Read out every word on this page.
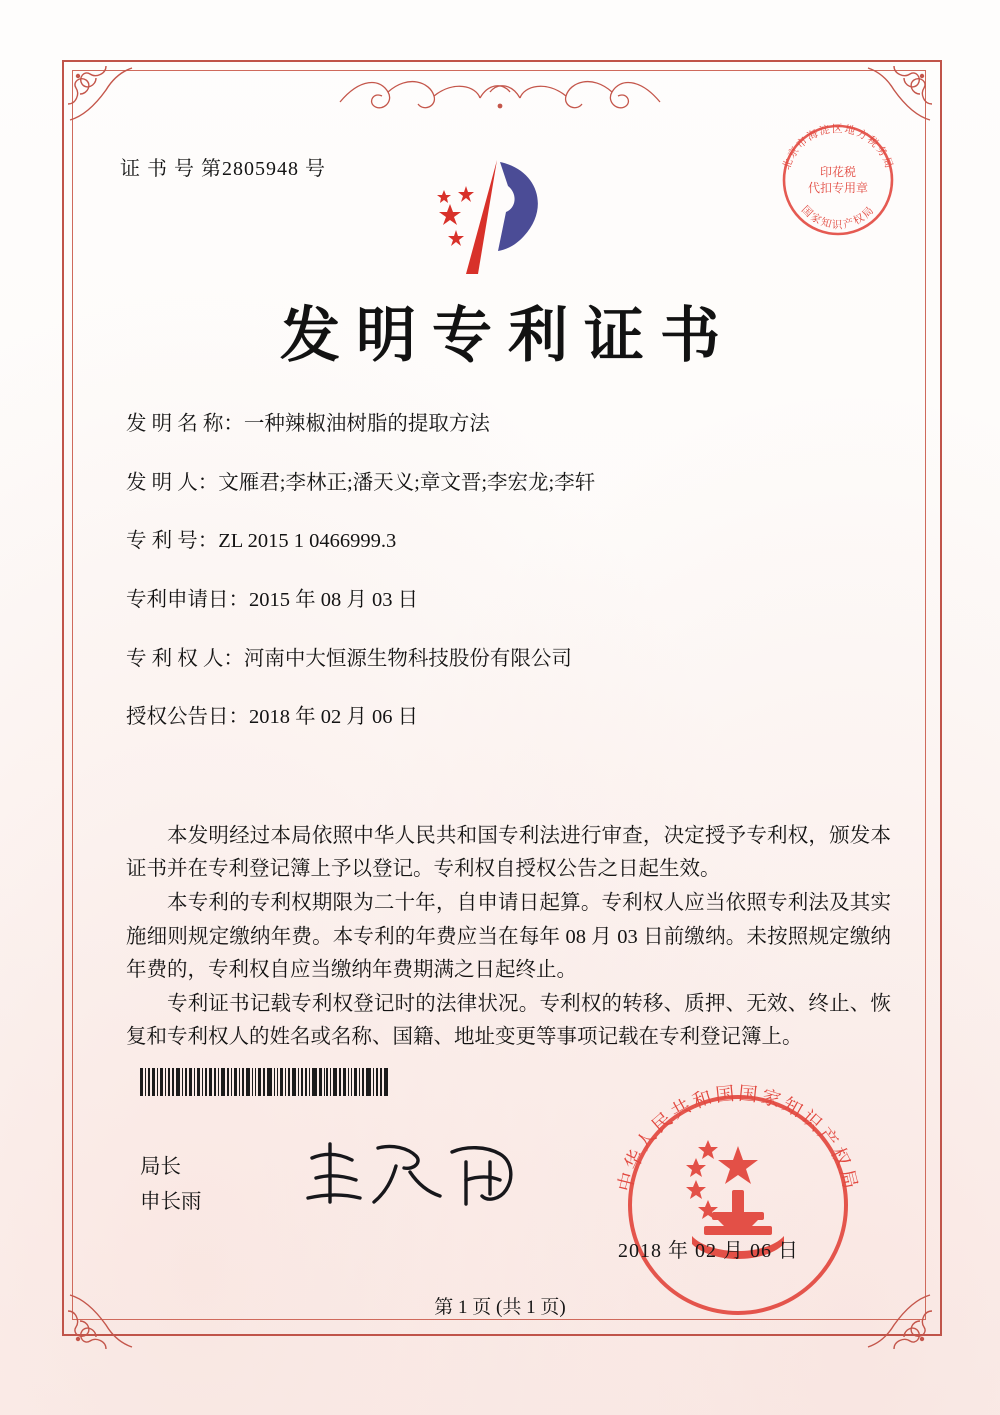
证 书 号 第2805948 号	北京市海淀区地方税务局
国家知识产权局
印花税
代扣专用章
发明专利证书
发 明 名 称： 一种辣椒油树脂的提取方法
发 明 人： 文雁君;李林正;潘天义;章文晋;李宏龙;李轩
专 利 号： ZL 2015 1 0466999.3
专利申请日： 2015 年 08 月 03 日
专 利 权 人： 河南中大恒源生物科技股份有限公司
授权公告日： 2018 年 02 月 06 日

本发明经过本局依照中华人民共和国专利法进行审查，决定授予专利权，颁发本证书并在专利登记簿上予以登记。专利权自授权公告之日起生效。

本专利的专利权期限为二十年，自申请日起算。专利权人应当依照专利法及其实施细则规定缴纳年费。本专利的年费应当在每年 08 月 03 日前缴纳。未按照规定缴纳年费的，专利权自应当缴纳年费期满之日起终止。

专利证书记载专利权登记时的法律状况。专利权的转移、质押、无效、终止、恢复和专利权人的姓名或名称、国籍、地址变更等事项记载在专利登记簿上。

局长
申长雨
中华人民共和国国家知识产权局
2018 年 02 月 06 日
第 1 页 (共 1 页)
